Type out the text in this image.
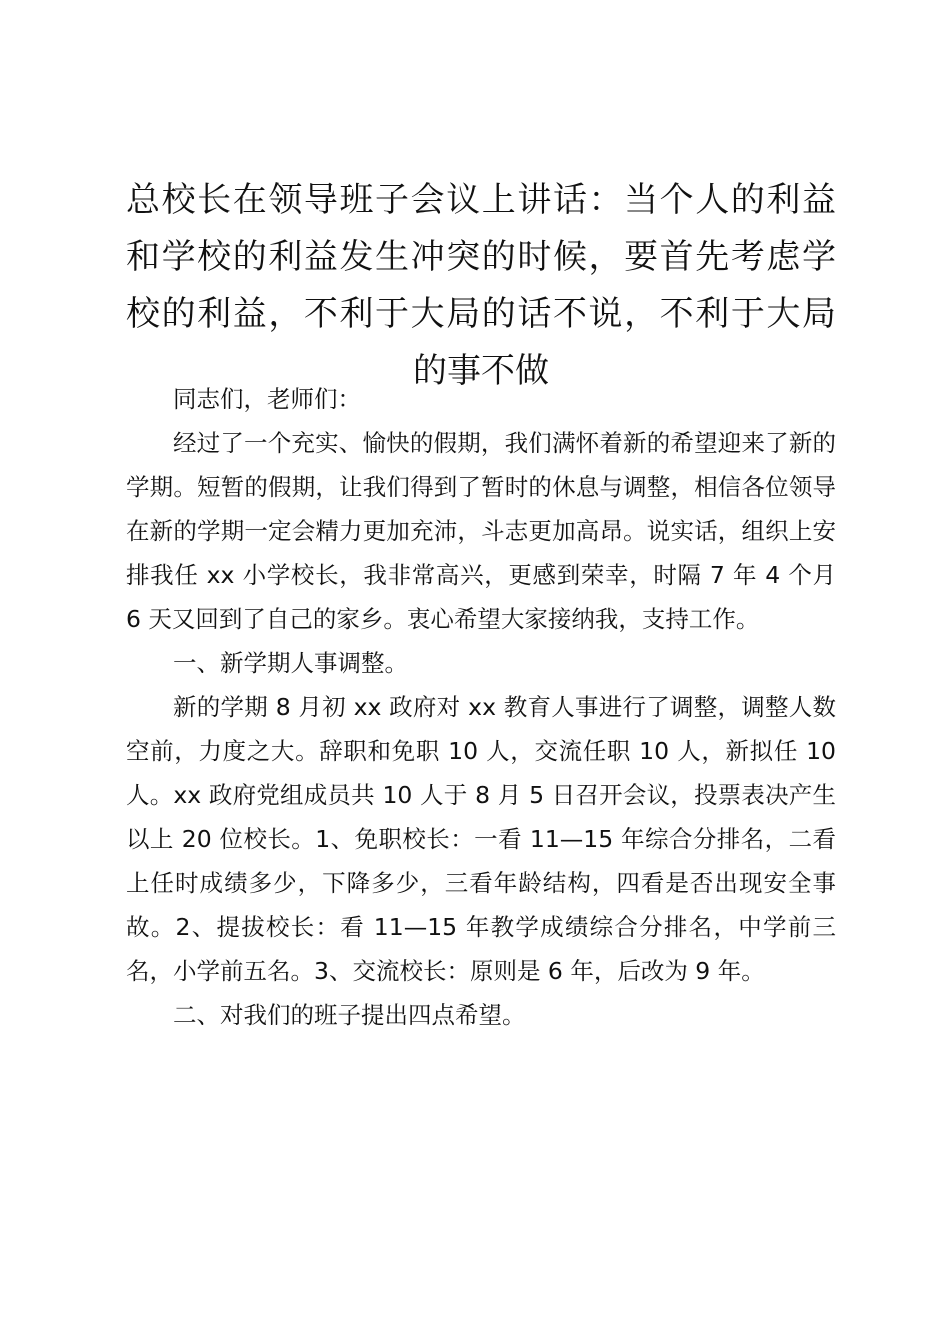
总校长在领导班子会议上讲话：当个人的利益和学校的利益发生冲突的时候，要首先考虑学校的利益，不利于大局的话不说，不利于大局的事不做

同志们，老师们：

经过了一个充实、愉快的假期，我们满怀着新的希望迎来了新的学期。短暂的假期，让我们得到了暂时的休息与调整，相信各位领导在新的学期一定会精力更加充沛，斗志更加高昂。说实话，组织上安排我任 xx 小学校长，我非常高兴，更感到荣幸，时隔 7 年 4 个月 6 天又回到了自己的家乡。衷心希望大家接纳我，支持工作。

一、新学期人事调整。

新的学期 8 月初 xx 政府对 xx 教育人事进行了调整，调整人数空前，力度之大。辞职和免职 10 人，交流任职 10 人，新拟任 10 人。xx 政府党组成员共 10 人于 8 月 5 日召开会议，投票表决产生以上 20 位校长。1、免职校长：一看 11—15 年综合分排名，二看上任时成绩多少，下降多少，三看年龄结构，四看是否出现安全事故。2、提拔校长：看 11—15 年教学成绩综合分排名，中学前三名，小学前五名。3、交流校长：原则是 6 年，后改为 9 年。

二、对我们的班子提出四点希望。
